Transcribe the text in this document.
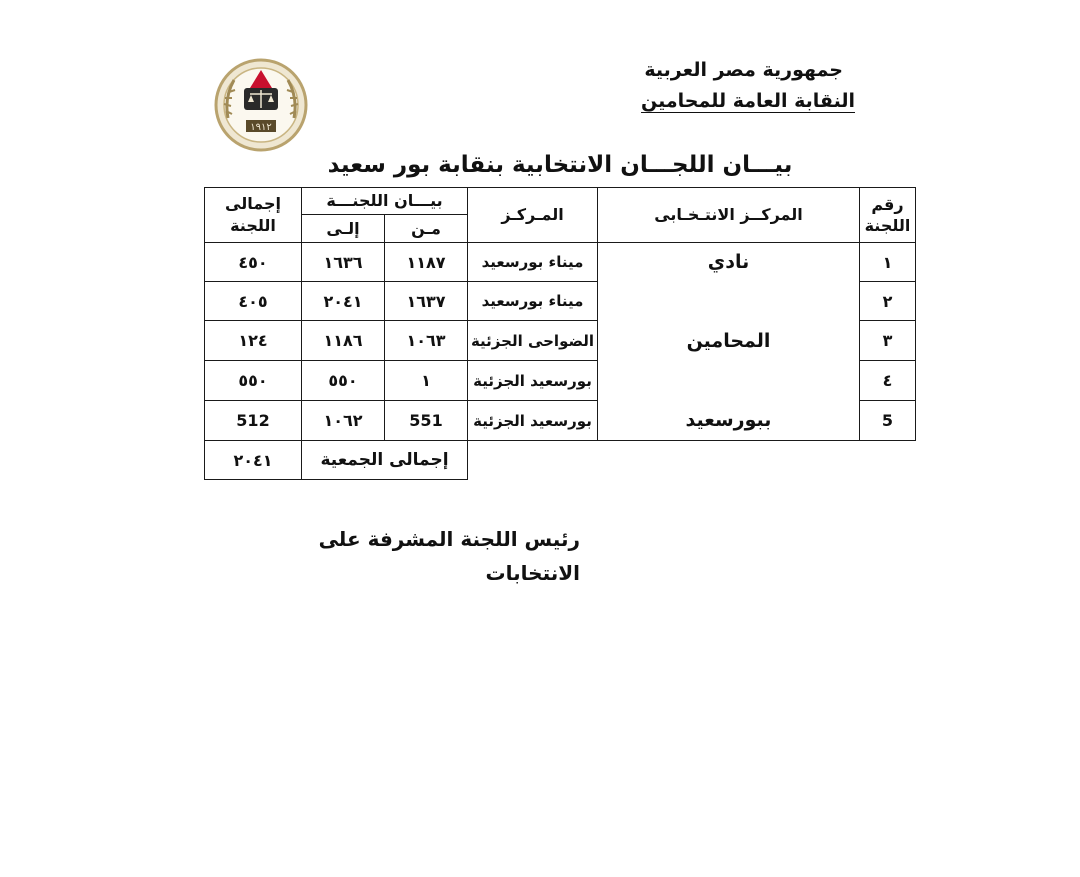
جمهورية مصر العربية
النقابة العامة للمحامين
١٩١٢
بيـــان اللجـــان الانتخابية بنقابة بور سعيد
رقم اللجنة	المركــز الانتـخـابى	المـركـز	بيـــان اللجنـــة		إجمالى اللجنة
			مـن	إلـى	
١	نادي	ميناء بورسعيد	١١٨٧	١٦٣٦	٤٥٠
٢		ميناء بورسعيد	١٦٣٧	٢٠٤١	٤٠٥
٣	المحامين	الضواحى الجزئية	١٠٦٣	١١٨٦	١٢٤
٤		بورسعيد الجزئية	١	٥٥٠	٥٥٠
5	ببورسعيد	بورسعيد الجزئية	551	١٠٦٢	512
			إجمالى الجمعية		٢٠٤١
رئيس اللجنة المشرفة على الانتخابات
